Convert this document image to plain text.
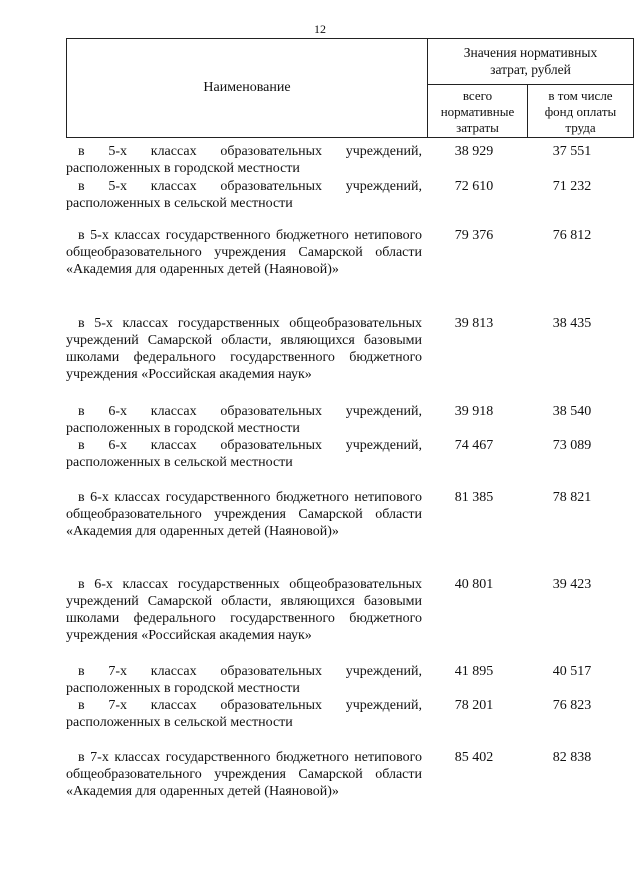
12
Наименование
Значения нормативных
затрат, рублей
всего
нормативные
затраты
в том числе
фонд оплаты
труда
в 5-х классах образовательных учреждений, расположенных в городской местности
38 929	37 551
в 5-х классах образовательных учреждений, расположенных в сельской местности
72 610	71 232
в 5-х классах государственного бюджетного нетипового общеобразовательного учреждения Самарской области «Академия для одаренных детей (Наяновой)»
79 376	76 812
в 5-х классах государственных общеобразовательных учреждений Самарской области, являющихся базовыми школами федерального государственного бюджетного учреждения «Российская академия наук»
39 813	38 435
в 6-х классах образовательных учреждений, расположенных в городской местности
39 918	38 540
в 6-х классах образовательных учреждений, расположенных в сельской местности
74 467	73 089
в 6-х классах государственного бюджетного нетипового общеобразовательного учреждения Самарской области «Академия для одаренных детей (Наяновой)»
81 385	78 821
в 6-х классах государственных общеобразовательных учреждений Самарской области, являющихся базовыми школами федерального государственного бюджетного учреждения «Российская академия наук»
40 801	39 423
в 7-х классах образовательных учреждений, расположенных в городской местности
41 895	40 517
в 7-х классах образовательных учреждений, расположенных в сельской местности
78 201	76 823
в 7-х классах государственного бюджетного нетипового общеобразовательного учреждения Самарской области «Академия для одаренных детей (Наяновой)»
85 402	82 838
